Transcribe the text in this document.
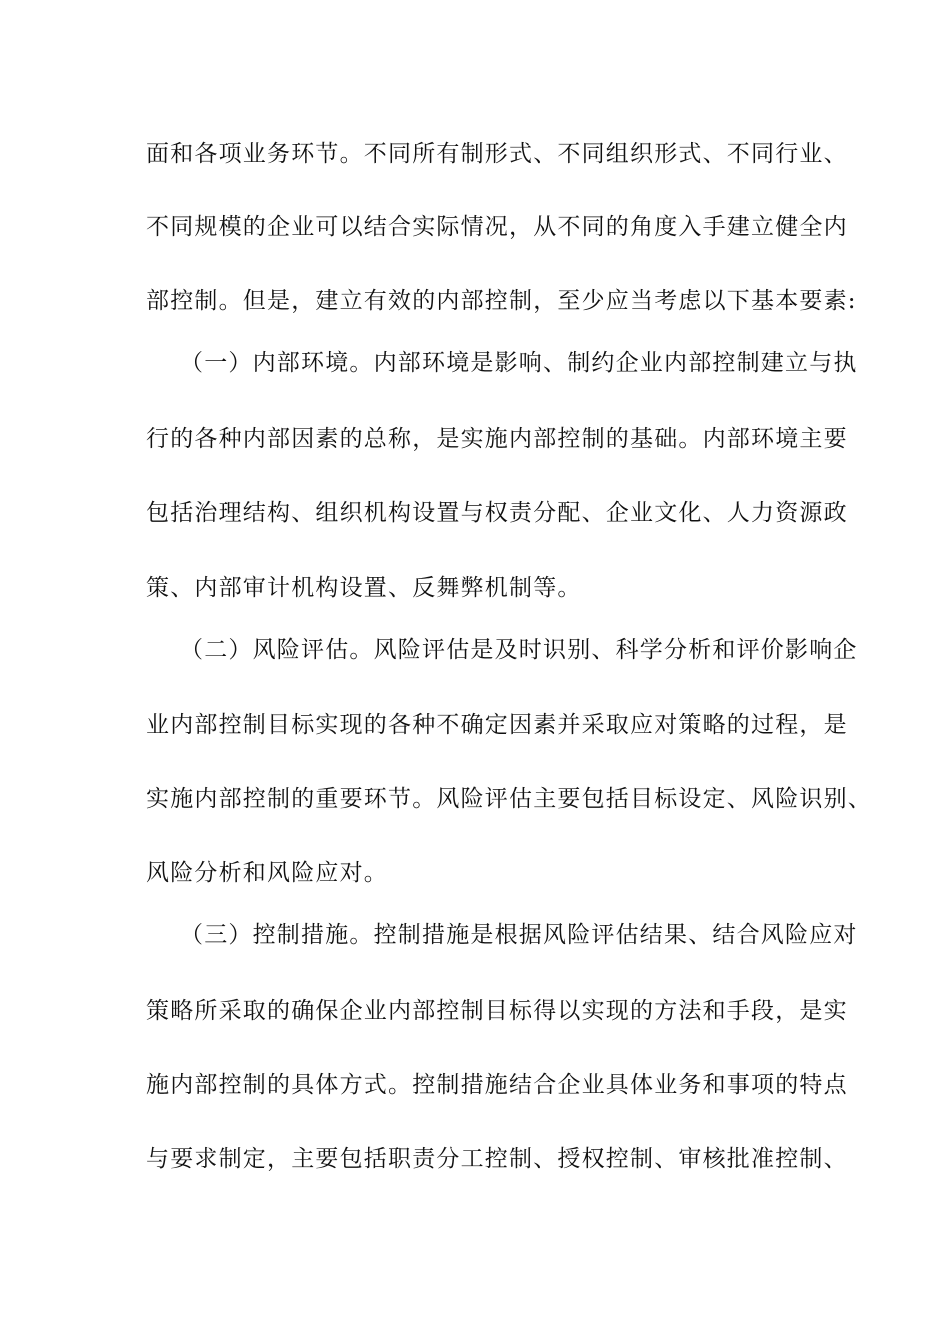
面和各项业务环节。不同所有制形式、不同组织形式、不同行业、
不同规模的企业可以结合实际情况，从不同的角度入手建立健全内
部控制。但是，建立有效的内部控制，至少应当考虑以下基本要素:
（一）内部环境。内部环境是影响、制约企业内部控制建立与执
行的各种内部因素的总称，是实施内部控制的基础。内部环境主要
包括治理结构、组织机构设置与权责分配、企业文化、人力资源政
策、内部审计机构设置、反舞弊机制等。
（二）风险评估。风险评估是及时识别、科学分析和评价影响企
业内部控制目标实现的各种不确定因素并采取应对策略的过程，是
实施内部控制的重要环节。风险评估主要包括目标设定、风险识别、
风险分析和风险应对。
（三）控制措施。控制措施是根据风险评估结果、结合风险应对
策略所采取的确保企业内部控制目标得以实现的方法和手段，是实
施内部控制的具体方式。控制措施结合企业具体业务和事项的特点
与要求制定，主要包括职责分工控制、授权控制、审核批准控制、
